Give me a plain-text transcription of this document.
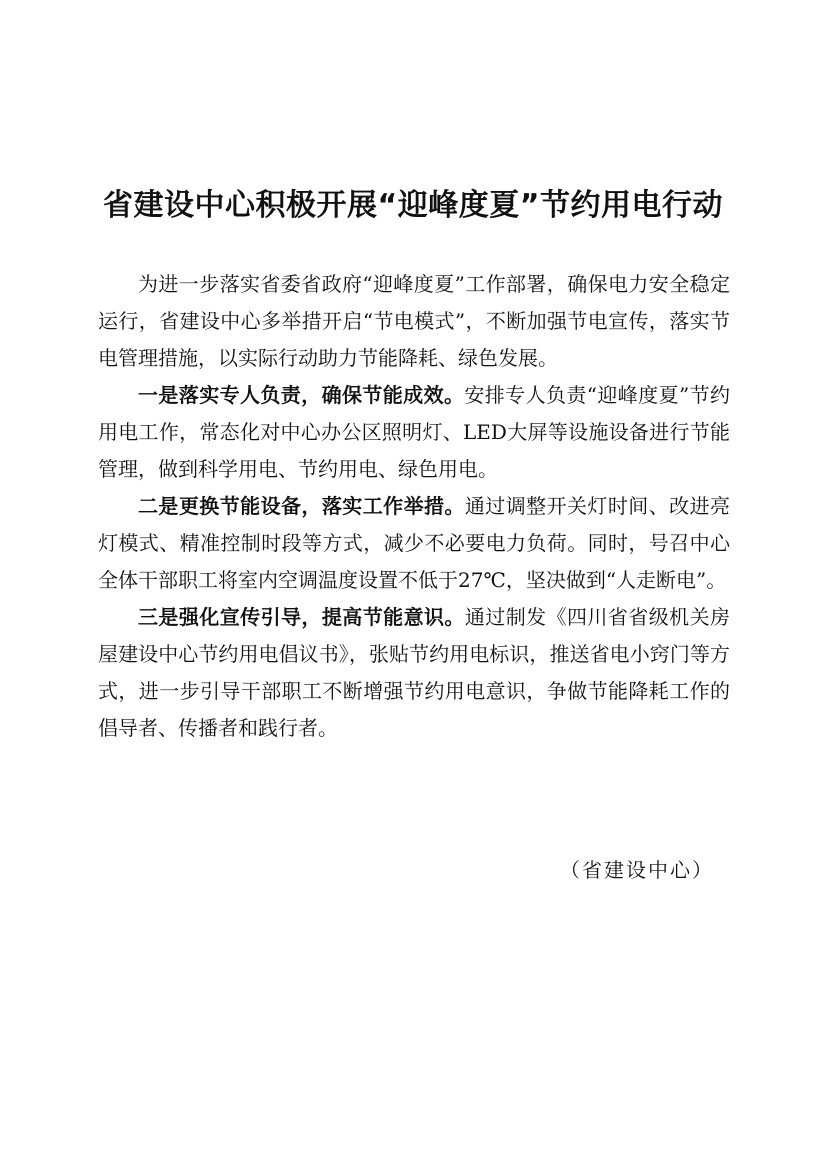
省建设中心积极开展“迎峰度夏”节约用电行动

为进一步落实省委省政府“迎峰度夏”工作部署，确保电力安全稳定运行，省建设中心多举措开启“节电模式”，不断加强节电宣传，落实节电管理措施，以实际行动助力节能降耗、绿色发展。

一是落实专人负责，确保节能成效。安排专人负责“迎峰度夏”节约用电工作，常态化对中心办公区照明灯、LED大屏等设施设备进行节能管理，做到科学用电、节约用电、绿色用电。

二是更换节能设备，落实工作举措。通过调整开关灯时间、改进亮灯模式、精准控制时段等方式，减少不必要电力负荷。同时，号召中心全体干部职工将室内空调温度设置不低于27℃，坚决做到“人走断电”。

三是强化宣传引导，提高节能意识。通过制发《四川省省级机关房屋建设中心节约用电倡议书》，张贴节约用电标识，推送省电小窍门等方式，进一步引导干部职工不断增强节约用电意识，争做节能降耗工作的倡导者、传播者和践行者。

（省建设中心）
